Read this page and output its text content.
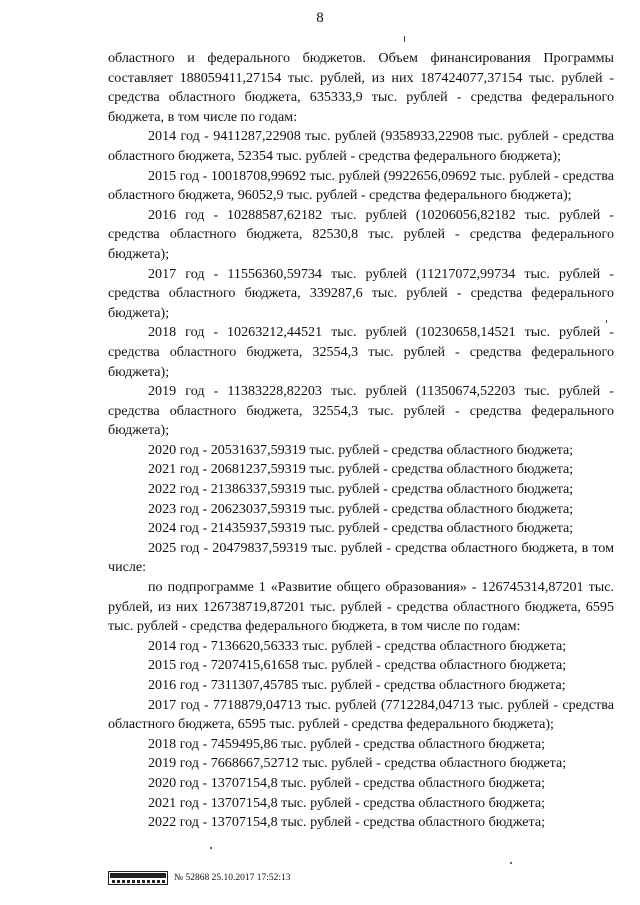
8

областного и федерального бюджетов. Объем финансирования Программы составляет 188059411,27154 тыс. рублей, из них 187424077,37154 тыс. рублей - средства областного бюджета, 635333,9 тыс. рублей - средства федерального бюджета, в том числе по годам:

2014 год - 9411287,22908 тыс. рублей (9358933,22908 тыс. рублей - средства областного бюджета, 52354 тыс. рублей - средства федерального бюджета);

2015 год - 10018708,99692 тыс. рублей (9922656,09692 тыс. рублей - средства областного бюджета, 96052,9 тыс. рублей - средства федерального бюджета);

2016 год - 10288587,62182 тыс. рублей (10206056,82182 тыс. рублей - средства областного бюджета, 82530,8 тыс. рублей - средства федерального бюджета);

2017 год - 11556360,59734 тыс. рублей (11217072,99734 тыс. рублей - средства областного бюджета, 339287,6 тыс. рублей - средства федерального бюджета);

2018 год - 10263212,44521 тыс. рублей (10230658,14521 тыс. рублей - средства областного бюджета, 32554,3 тыс. рублей - средства федерального бюджета);

2019 год - 11383228,82203 тыс. рублей (11350674,52203 тыс. рублей - средства областного бюджета, 32554,3 тыс. рублей - средства федерального бюджета);

2020 год - 20531637,59319 тыс. рублей - средства областного бюджета;

2021 год - 20681237,59319 тыс. рублей - средства областного бюджета;

2022 год - 21386337,59319 тыс. рублей - средства областного бюджета;

2023 год - 20623037,59319 тыс. рублей - средства областного бюджета;

2024 год - 21435937,59319 тыс. рублей - средства областного бюджета;

2025 год - 20479837,59319 тыс. рублей - средства областного бюджета, в том числе:

по подпрограмме 1 «Развитие общего образования» - 126745314,87201 тыс. рублей, из них 126738719,87201 тыс. рублей - средства областного бюджета, 6595 тыс. рублей - средства федерального бюджета, в том числе по годам:

2014 год - 7136620,56333 тыс. рублей - средства областного бюджета;

2015 год - 7207415,61658 тыс. рублей - средства областного бюджета;

2016 год - 7311307,45785 тыс. рублей - средства областного бюджета;

2017 год - 7718879,04713 тыс. рублей (7712284,04713 тыс. рублей - средства областного бюджета, 6595 тыс. рублей - средства федерального бюджета);

2018 год - 7459495,86 тыс. рублей - средства областного бюджета;

2019 год - 7668667,52712 тыс. рублей - средства областного бюджета;

2020 год - 13707154,8 тыс. рублей - средства областного бюджета;

2021 год - 13707154,8 тыс. рублей - средства областного бюджета;

2022 год - 13707154,8 тыс. рублей - средства областного бюджета;

№ 52868 25.10.2017 17:52:13
